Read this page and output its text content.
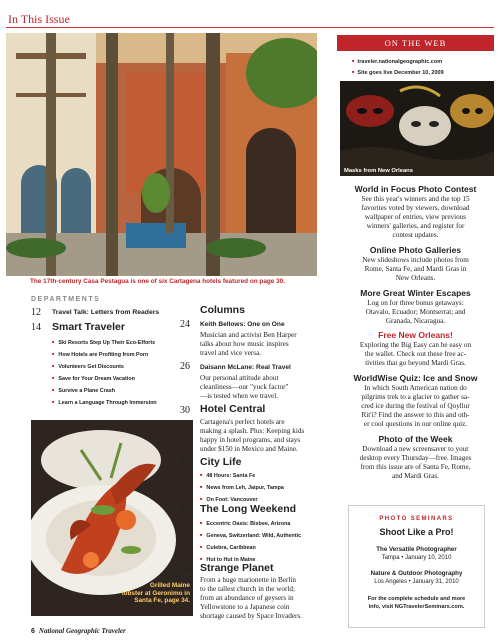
In This Issue
The 17th-century Casa Pestagua is one of six Cartagena hotels featured on page 30.
DEPARTMENTS
12 Travel Talk: Letters from Readers
14 Smart Traveler
■ Ski Resorts Step Up Their Eco-Efforts
■ How Hotels are Profiting from Porn
■ Volunteers Get Discounts
■ Save for Your Dream Vacation
■ Survive a Plane Crash
■ Learn a Language Through Immersion
Grilled Maine
lobster at Geronimo in
Santa Fe, page 34.
Columns
24 Keith Bellows: One on One
Musician and activist Ben Harper
talks about how music inspires
travel and vice versa.
26 Daisann McLane: Real Travel
Our personal attitude about
cleanliness—our "yuck factor"
—is tested when we travel.
30 Hotel Central
Cartagena's perfect hotels are
making a splash. Plus: Keeping kids
happy in hotel programs, and stays
under $150 in Mexico and Maine.
34 City Life
■ 48 Hours: Santa Fe
■ News from Leh, Jaipur, Tampa
■ On Foot: Vancouver
82 The Long Weekend
■ Eccentric Oasis: Bisbee, Arizona
■ Geneva, Switzerland: Wild, Authentic
■ Culebra, Caribbean
■ Hut to Hut in Maine
86 Strange Planet
From a huge marionette in Berlin
to the tallest church in the world;
from an abundance of geysers in
Yellowstone to a Japanese coin
shortage caused by Space Invaders.
6 National Geographic Traveler
ON THE WEB
■ traveler.nationalgeographic.com
■ Site goes live December 10, 2009
Masks from New Orleans
World in Focus Photo Contest
See this year's winners and the top 15
favorites voted by viewers, download
wallpaper of entries, view previous
winners' galleries, and register for
contest updates.
Online Photo Galleries
New slideshows include photos from
Rome, Santa Fe, and Mardi Gras in
New Orleans.
More Great Winter Escapes
Log on for three bonus getaways:
Otavalo, Ecuador; Montserrat; and
Granada, Nicaragua.
Free New Orleans!
Exploring the Big Easy can be easy on
the wallet. Check out these free ac-
tivities that go beyond Mardi Gras.
WorldWise Quiz: Ice and Snow
In which South American nation do
pilgrims trek to a glacier to gather sa-
cred ice during the festival of Qoyllur
Rit'i? Find the answer to this and oth-
er cool questions in our online quiz.
Photo of the Week
Download a new screensaver to your
desktop every Thursday—free. Images
from this issue are of Santa Fe, Rome,
and Mardi Gras.
PHOTO SEMINARS
Shoot Like a Pro!
The Versatile Photographer
Tampa • January 10, 2010
Nature & Outdoor Photography
Los Angeles • January 31, 2010
For the complete schedule and more
info, visit NGTravelerSeminars.com.
